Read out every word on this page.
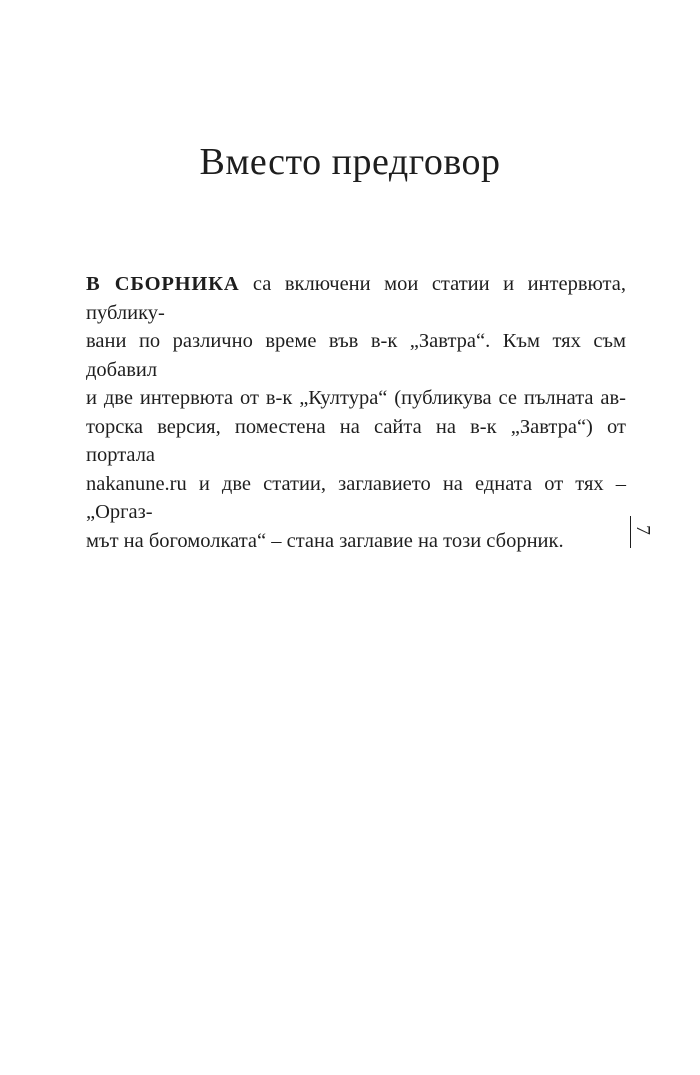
Вместо предговор

В СБОРНИКА са включени мои статии и интервюта, публику-
вани по различно време във в-к „Завтра“. Към тях съм добавил
и две интервюта от в-к „Култура“ (публикува се пълната ав-
торска версия, поместена на сайта на в-к „Завтра“) от портала
nakanune.ru и две статии, заглавието на едната от тях – „Оргаз-
мът на богомолката“ – стана заглавие на този сборник.	7
